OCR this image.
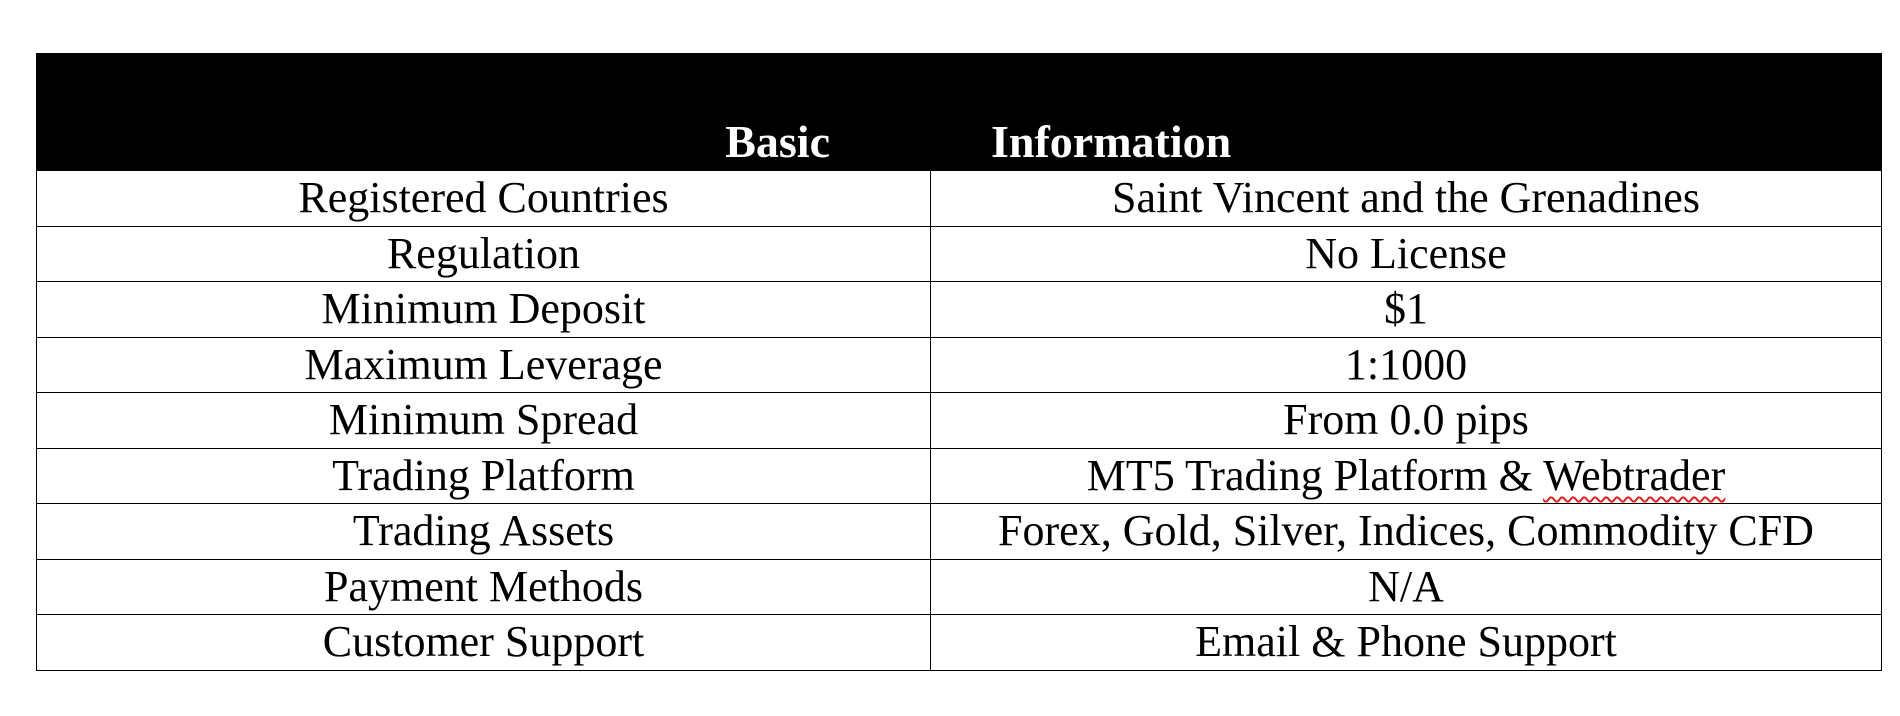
Basic	Information
Registered Countries	Saint Vincent and the Grenadines
Regulation	No License
Minimum Deposit	$1
Maximum Leverage	1:1000
Minimum Spread	From 0.0 pips
Trading Platform	MT5 Trading Platform & Webtrader
Trading Assets	Forex, Gold, Silver, Indices, Commodity CFD
Payment Methods	N/A
Customer Support	Email & Phone Support
